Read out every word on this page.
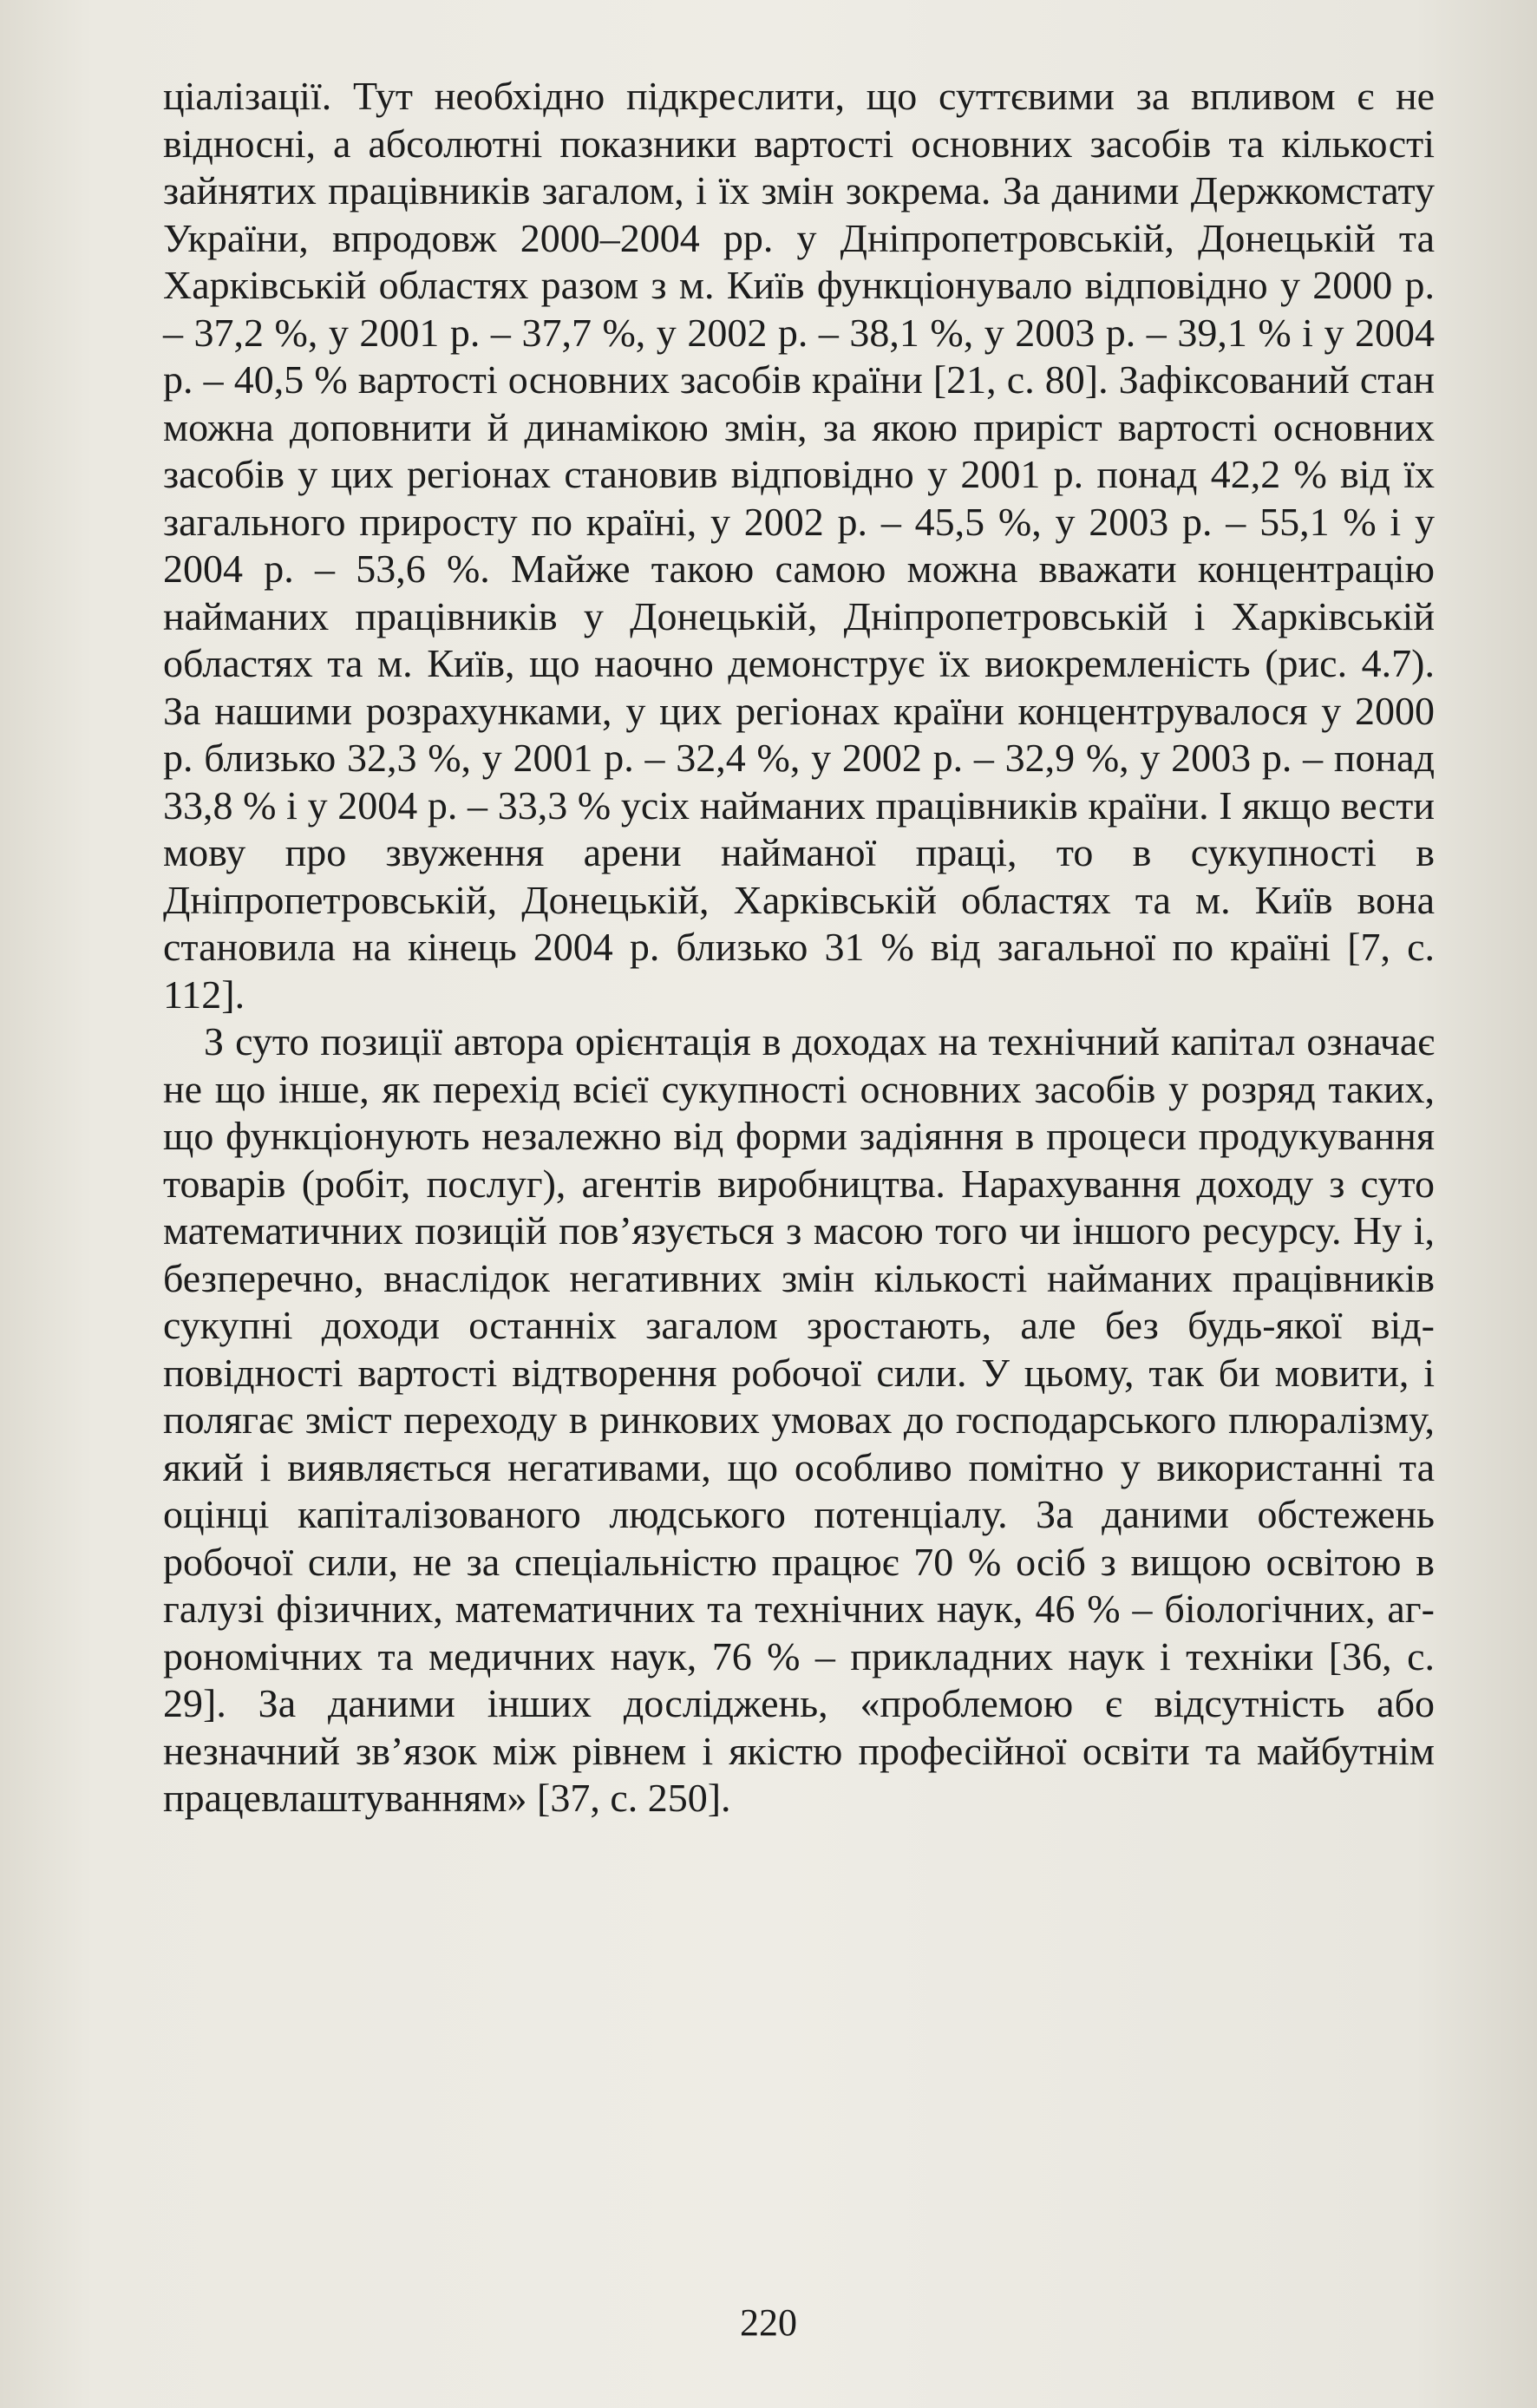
ціалізації. Тут необхідно підкреслити, що суттєвими за впливом є не відносні, а абсолютні показники вартості основних засобів та кількості зайнятих працівників загалом, і їх змін зокрема. За даними Держкомстату України, впродовж 2000–2004 рр. у Дніпропетровській, Донецькій та Харківській областях разом з м. Київ функціонувало відповідно у 2000 р. – 37,2 %, у 2001 р. – 37,7 %, у 2002 р. – 38,1 %, у 2003 р. – 39,1 % і у 2004 р. – 40,5 % вартості основних засобів країни [21, с. 80]. Зафіксований стан можна доповнити й динамікою змін, за якою приріст вартості основних засобів у цих регіонах становив відповідно у 2001 р. понад 42,2 % від їх загального приросту по країні, у 2002 р. – 45,5 %, у 2003 р. – 55,1 % і у 2004 р. – 53,6 %. Майже такою самою можна вважати концентрацію найманих працівників у Донецькій, Дніпропетровській і Харківській областях та м. Київ, що наочно демонструє їх виокремленість (рис. 4.7). За нашими розрахунками, у цих регіонах країни концентрувалося у 2000 р. близько 32,3 %, у 2001 р. – 32,4 %, у 2002 р. – 32,9 %, у 2003 р. – понад 33,8 % і у 2004 р. – 33,3 % усіх найманих працівників країни. І якщо вести мову про звуження арени найманої праці, то в сукупності в Дніпропетровській, Донецькій, Харківській областях та м. Київ вона становила на кінець 2004 р. близько 31 % від загальної по країні [7, с. 112].

З суто позиції автора орієнтація в доходах на технічний капітал означає не що інше, як перехід всієї сукупності основних засобів у розряд таких, що функціонують незалежно від форми задіяння в процеси продукування товарів (робіт, послуг), агентів виробництва. Нарахування доходу з суто математичних позицій пов’язується з масою того чи іншого ресурсу. Ну і, безперечно, внаслідок негативних змін кількості найманих працівників сукупні доходи останніх загалом зростають, але без будь-якої відповідності вартості відтворення робочої сили. У цьому, так би мовити, і полягає зміст переходу в ринкових умовах до господарського плюралізму, який і виявляється негативами, що особливо помітно у використанні та оцінці капіталізованого людського потенціалу. За даними обстежень робочої сили, не за спеціальністю працює 70 % осіб з вищою освітою в галузі фізичних, математичних та технічних наук, 46 % – біологічних, агрономічних та медичних наук, 76 % – прикладних наук і техніки [36, с. 29]. За даними інших досліджень, «проблемою є відсутність або незначний зв’язок між рівнем і якістю професійної освіти та майбутнім працевлаштуванням» [37, с. 250].

220
